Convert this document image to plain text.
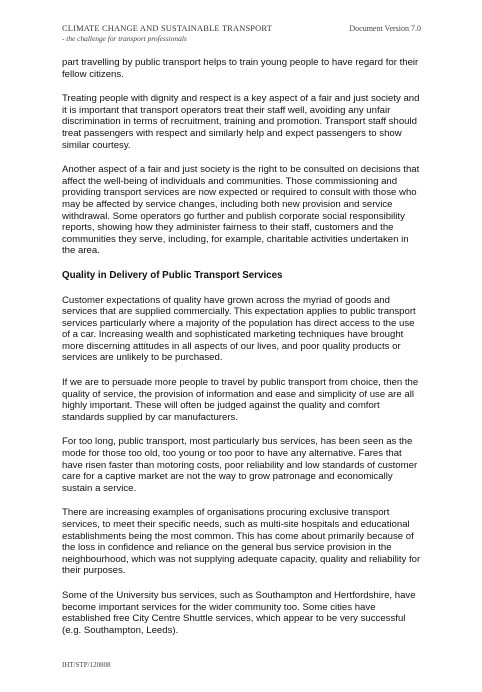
CLIMATE CHANGE AND SUSTAINABLE TRANSPORT
- the challenge for transport professionals
Document Version 7.0

part travelling by public transport helps to train young people to have regard for their fellow citizens.

Treating people with dignity and respect is a key aspect of a fair and just society and it is important that transport operators treat their staff well, avoiding any unfair discrimination in terms of recruitment, training and promotion. Transport staff should treat passengers with respect and similarly help and expect passengers to show similar courtesy.

Another aspect of a fair and just society is the right to be consulted on decisions that affect the well-being of individuals and communities. Those commissioning and providing transport services are now expected or required to consult with those who may be affected by service changes, including both new provision and service withdrawal. Some operators go further and publish corporate social responsibility reports, showing how they administer fairness to their staff, customers and the communities they serve, including, for example, charitable activities undertaken in the area.

Quality in Delivery of Public Transport Services

Customer expectations of quality have grown across the myriad of goods and services that are supplied commercially. This expectation applies to public transport services particularly where a majority of the population has direct access to the use of a car. Increasing wealth and sophisticated marketing techniques have brought more discerning attitudes in all aspects of our lives, and poor quality products or services are unlikely to be purchased.

If we are to persuade more people to travel by public transport from choice, then the quality of service, the provision of information and ease and simplicity of use are all highly important. These will often be judged against the quality and comfort standards supplied by car manufacturers.

For too long, public transport, most particularly bus services, has been seen as the mode for those too old, too young or too poor to have any alternative. Fares that have risen faster than motoring costs, poor reliability and low standards of customer care for a captive market are not the way to grow patronage and economically sustain a service.

There are increasing examples of organisations procuring exclusive transport services, to meet their specific needs, such as multi-site hospitals and educational establishments being the most common. This has come about primarily because of the loss in confidence and reliance on the general bus service provision in the neighbourhood, which was not supplying adequate capacity, quality and reliability for their purposes.

Some of the University bus services, such as Southampton and Hertfordshire, have become important services for the wider community too. Some cities have established free City Centre Shuttle services, which appear to be very successful (e.g. Southampton, Leeds).

IHT/STP/120808
